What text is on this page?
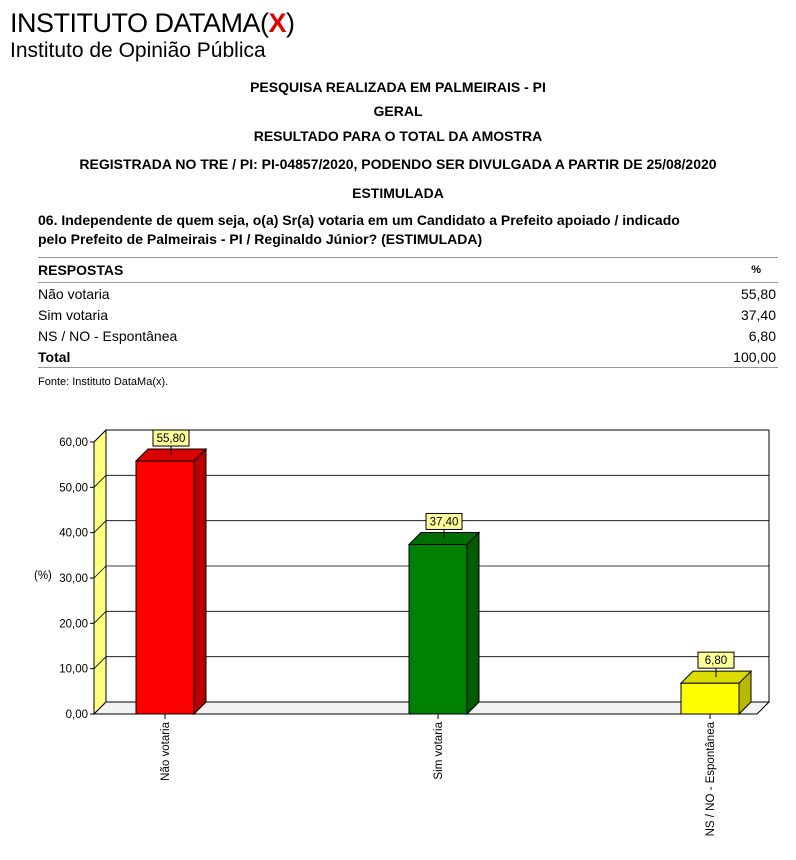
INSTITUTO DATAMA(X)
Instituto de Opinião Pública
PESQUISA REALIZADA EM PALMEIRAIS - PI
GERAL
RESULTADO PARA O TOTAL DA AMOSTRA
REGISTRADA NO TRE / PI: PI-04857/2020, PODENDO SER DIVULGADA A PARTIR DE 25/08/2020
ESTIMULADA
06. Independente de quem seja, o(a) Sr(a) votaria em um Candidato a Prefeito apoiado / indicado
pelo Prefeito de Palmeirais - PI / Reginaldo Júnior? (ESTIMULADA)
RESPOSTAS	%
Não votaria	55,80
Sim votaria	37,40
NS / NO - Espontânea	6,80
Total	100,00
Fonte: Instituto DataMa(x).
0,00
10,00
20,00
30,00
40,00
50,00
60,00
(%)
55,80
Não votaria
37,40
Sim votaria
6,80
NS / NO - Espontânea
